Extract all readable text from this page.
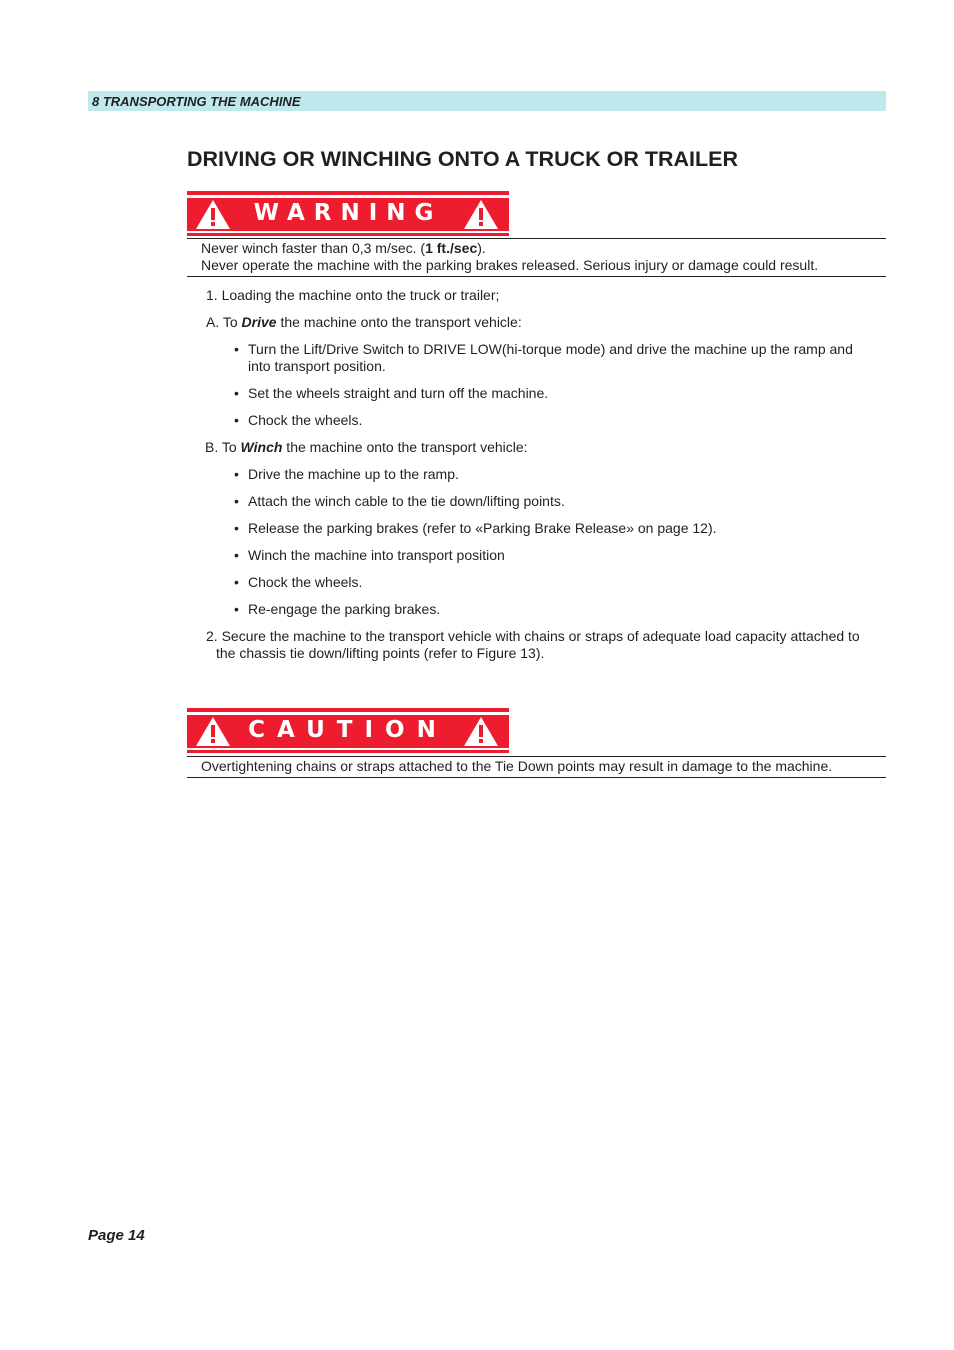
8 TRANSPORTING THE MACHINE
DRIVING OR WINCHING ONTO A TRUCK OR TRAILER
WARNING
Never winch faster than 0,3 m/sec. (1 ft./sec).
Never operate the machine with the parking brakes released. Serious injury or damage could result.
1. Loading the machine onto the truck or trailer;
A. To Drive the machine onto the transport vehicle:
• Turn the Lift/Drive Switch to DRIVE LOW(hi-torque mode) and drive the machine up the ramp and
into transport position.
• Set the wheels straight and turn off the machine.
• Chock the wheels.
B. To Winch the machine onto the transport vehicle:
• Drive the machine up to the ramp.
• Attach the winch cable to the tie down/lifting points.
• Release the parking brakes (refer to «Parking Brake Release» on page 12).
• Winch the machine into transport position
• Chock the wheels.
• Re-engage the parking brakes.
2. Secure the machine to the transport vehicle with chains or straps of adequate load capacity attached to
the chassis tie down/lifting points (refer to Figure 13).
CAUTION
Overtightening chains or straps attached to the Tie Down points may result in damage to the machine.
Page 14
